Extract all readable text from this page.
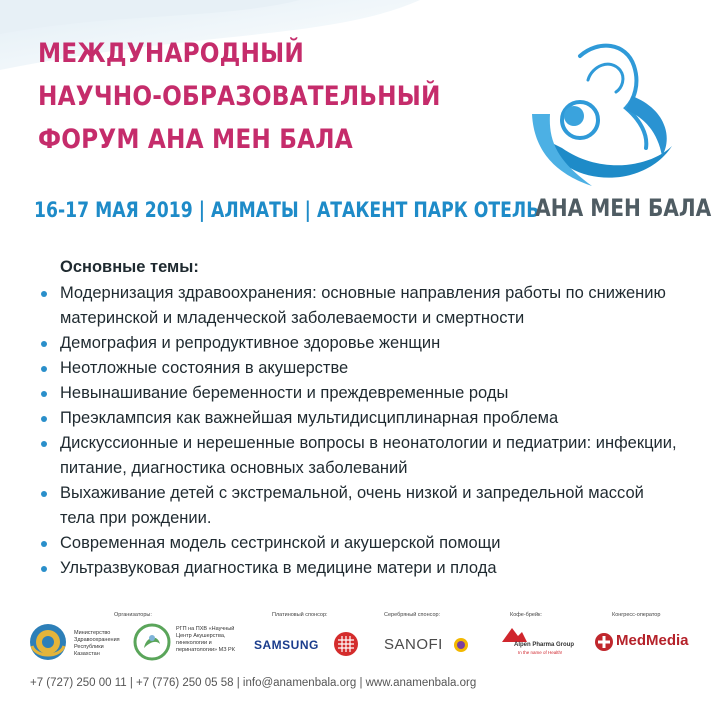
МЕЖДУНАРОДНЫЙ
НАУЧНО-ОБРАЗОВАТЕЛЬНЫЙ
ФОРУМ АНА МЕН БАЛА
16-17 МАЯ 2019 | АЛМАТЫ | АТАКЕНТ ПАРК ОТЕЛЬ
АНА МЕН БАЛА
Основные темы:
Модернизация здравоохранения: основные направления работы по снижению материнской и младенческой заболеваемости и смертности
Демография и репродуктивное здоровье женщин
Неотложные состояния в акушерстве
Невынашивание беременности и преждевременные роды
Преэклампсия как важнейшая мультидисциплинарная проблема
Дискуссионные и нерешенные вопросы в неонатологии и педиатрии: инфекции, питание, диагностика основных заболеваний
Выхаживание детей с экстремальной, очень низкой и запредельной массой тела при рождении.
Современная модель сестринской и акушерской помощи
Ультразвуковая диагностика в медицине матери и плода
Организаторы:
Министерство Здравоохранения Республики Казахстан
РГП на ПХВ «Научный Центр Акушерства, гинекологии и перинатологии» МЗ РК
Платиновый спонсор:
SAMSUNG
Серебряный спонсор:
SANOFI
Кофе-брейк:
Alpen Pharma Group
In the name of Health!
Конгресс-оператор
MedMedia
+7 (727) 250 00 11 | +7 (776) 250 05 58 | info@anamenbala.org | www.anamenbala.org
